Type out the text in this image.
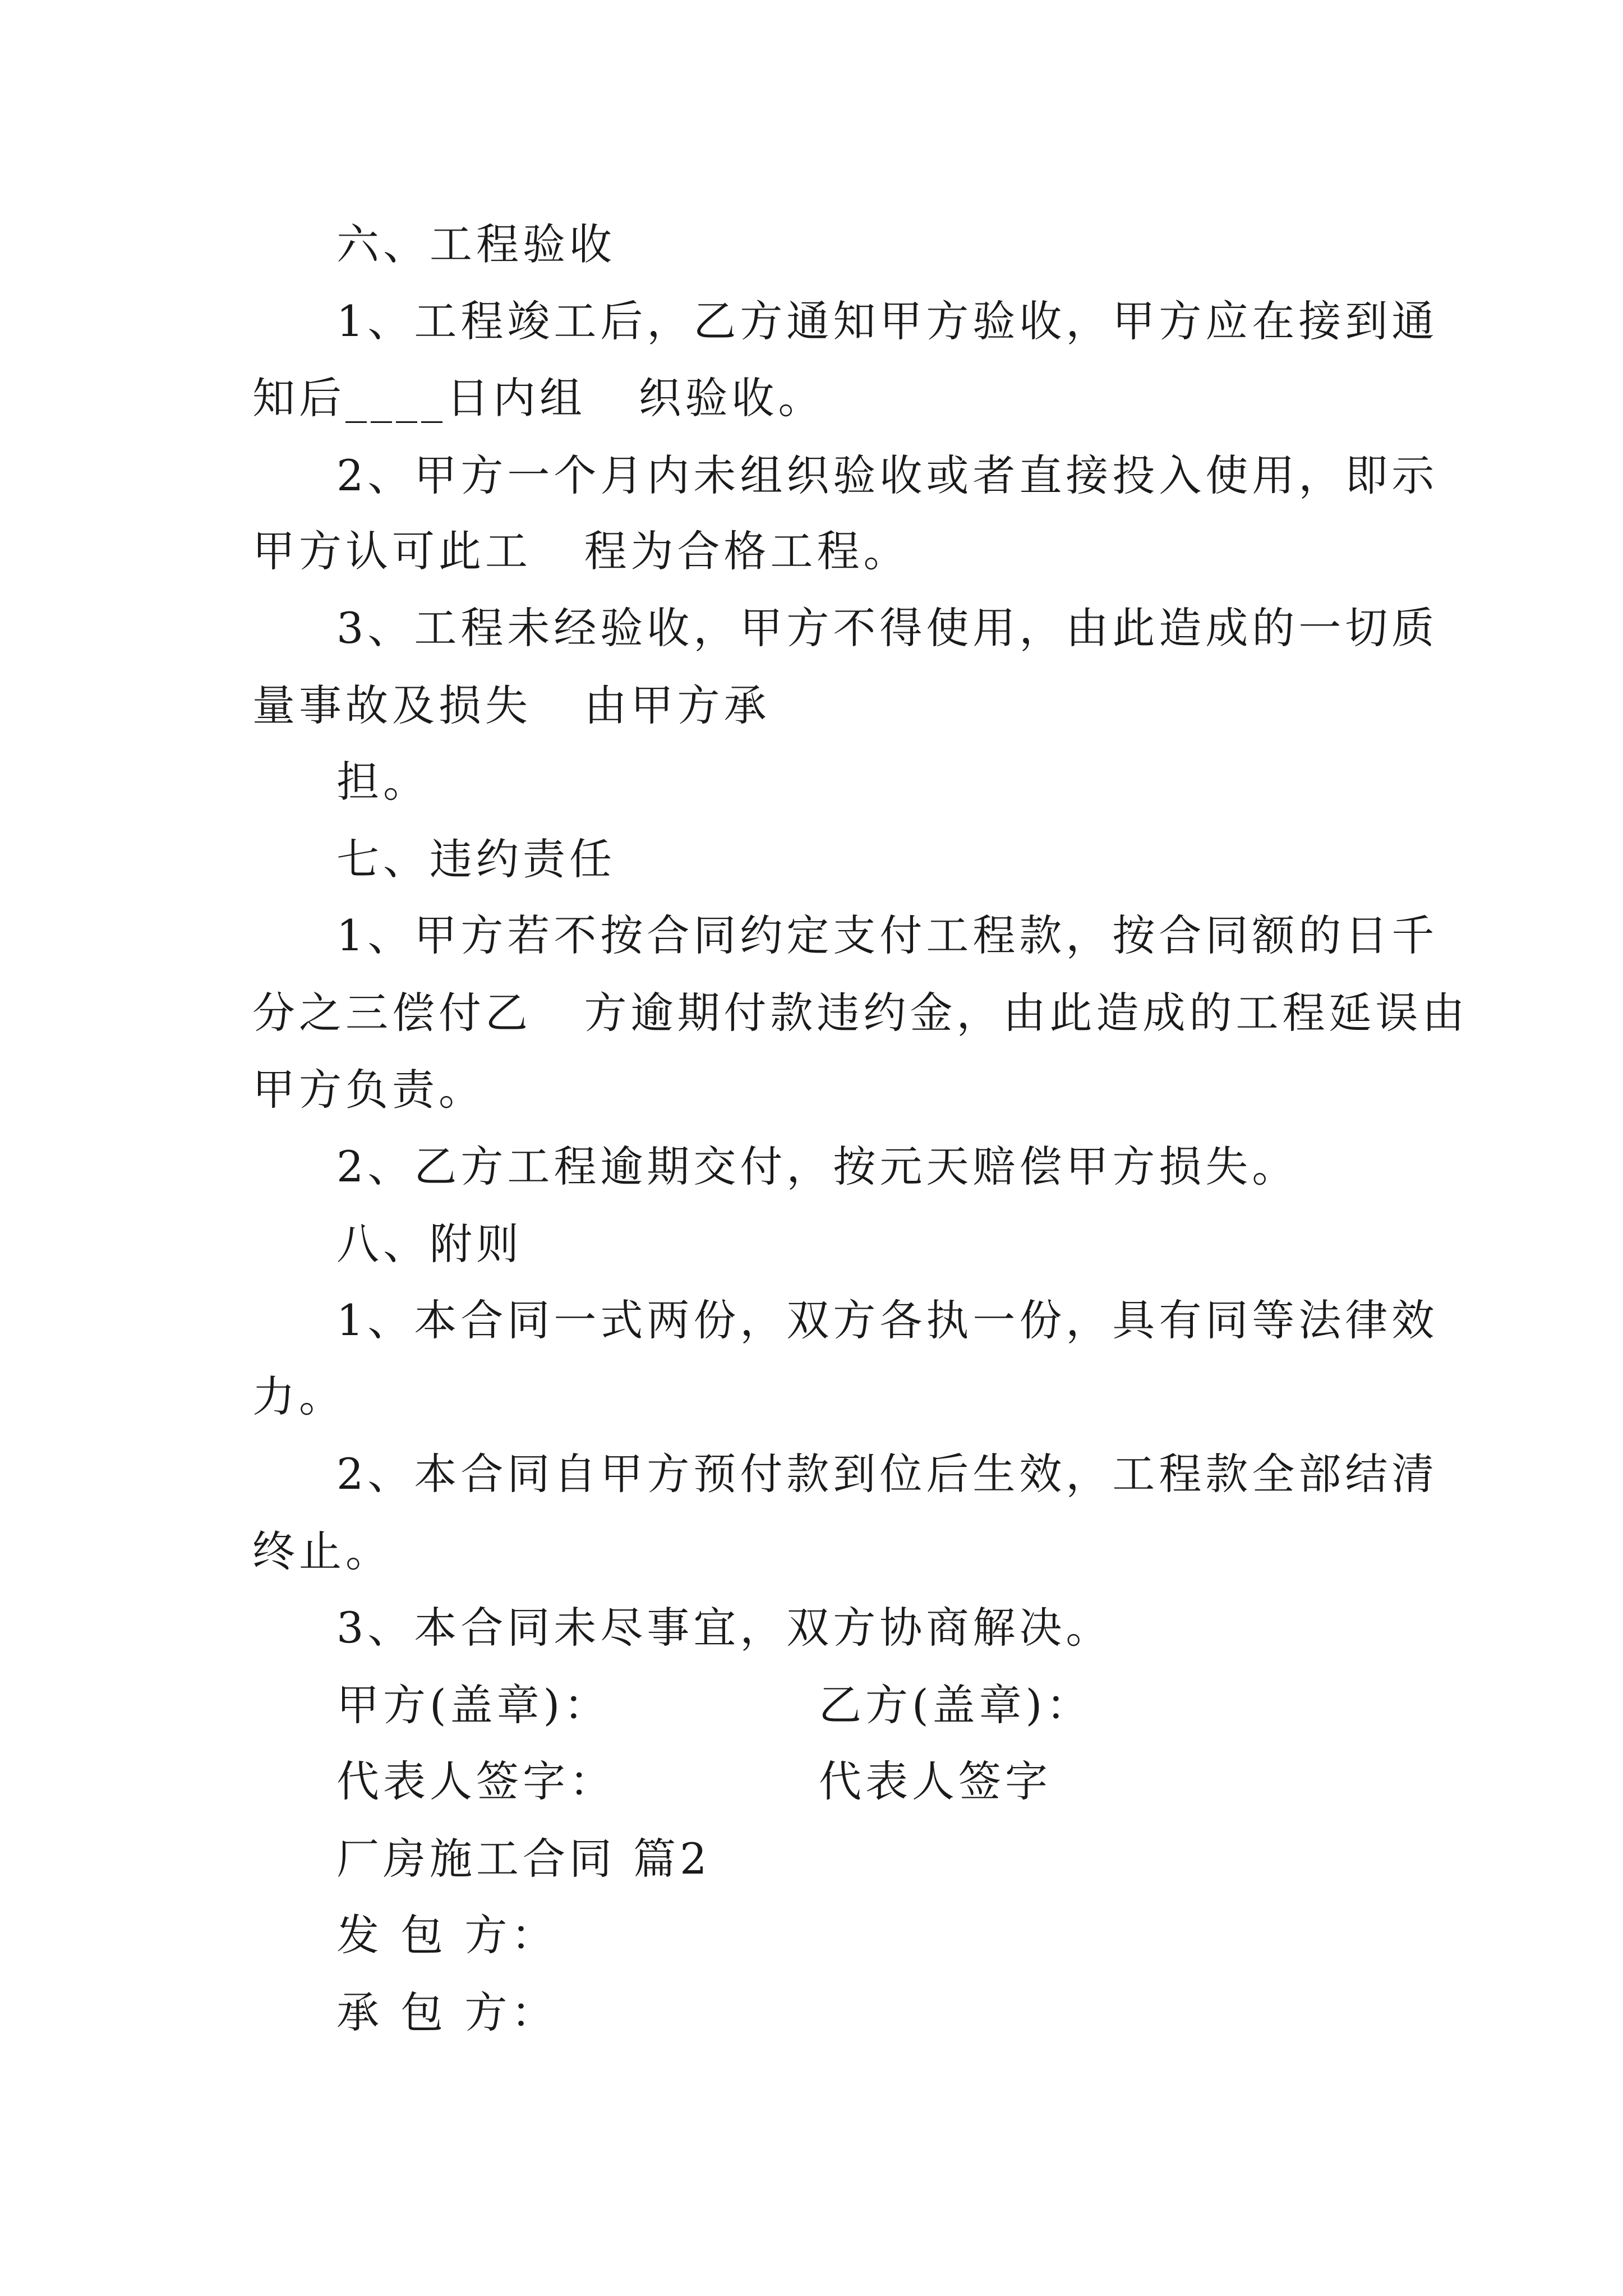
六、工程验收
1、工程竣工后，乙方通知甲方验收，甲方应在接到通
知后____日内组   织验收。
2、甲方一个月内未组织验收或者直接投入使用，即示
甲方认可此工   程为合格工程。
3、工程未经验收，甲方不得使用，由此造成的一切质
量事故及损失   由甲方承
担。
七、违约责任
1、甲方若不按合同约定支付工程款，按合同额的日千
分之三偿付乙   方逾期付款违约金，由此造成的工程延误由
甲方负责。
2、乙方工程逾期交付，按元天赔偿甲方损失。
八、附则
1、本合同一式两份，双方各执一份，具有同等法律效
力。
2、本合同自甲方预付款到位后生效，工程款全部结清
终止。
3、本合同未尽事宜，双方协商解决。
甲方(盖章)：	乙方(盖章)：
代表人签字：	代表人签字
厂房施工合同 篇2
发 包 方：
承 包 方：
